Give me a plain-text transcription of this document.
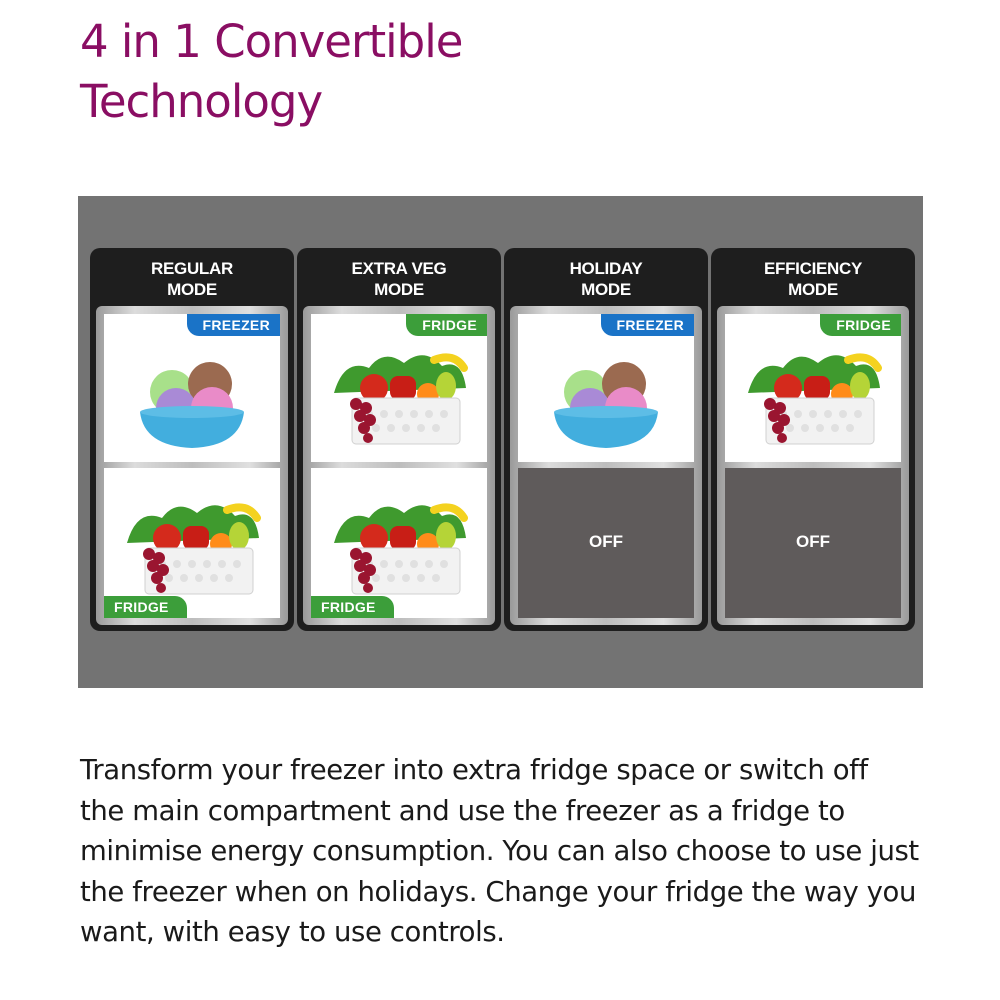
4 in 1 Convertible
Technology
REGULAR
MODE
FREEZER
FRIDGE
EXTRA VEG
MODE
FRIDGE
FRIDGE
HOLIDAY
MODE
FREEZER
OFF
EFFICIENCY
MODE
FRIDGE
OFF

Transform your freezer into extra fridge space or switch off the main compartment and use the freezer as a fridge to minimise energy consumption. You can also choose to use just the freezer when on holidays. Change your fridge the way you want, with easy to use controls.
